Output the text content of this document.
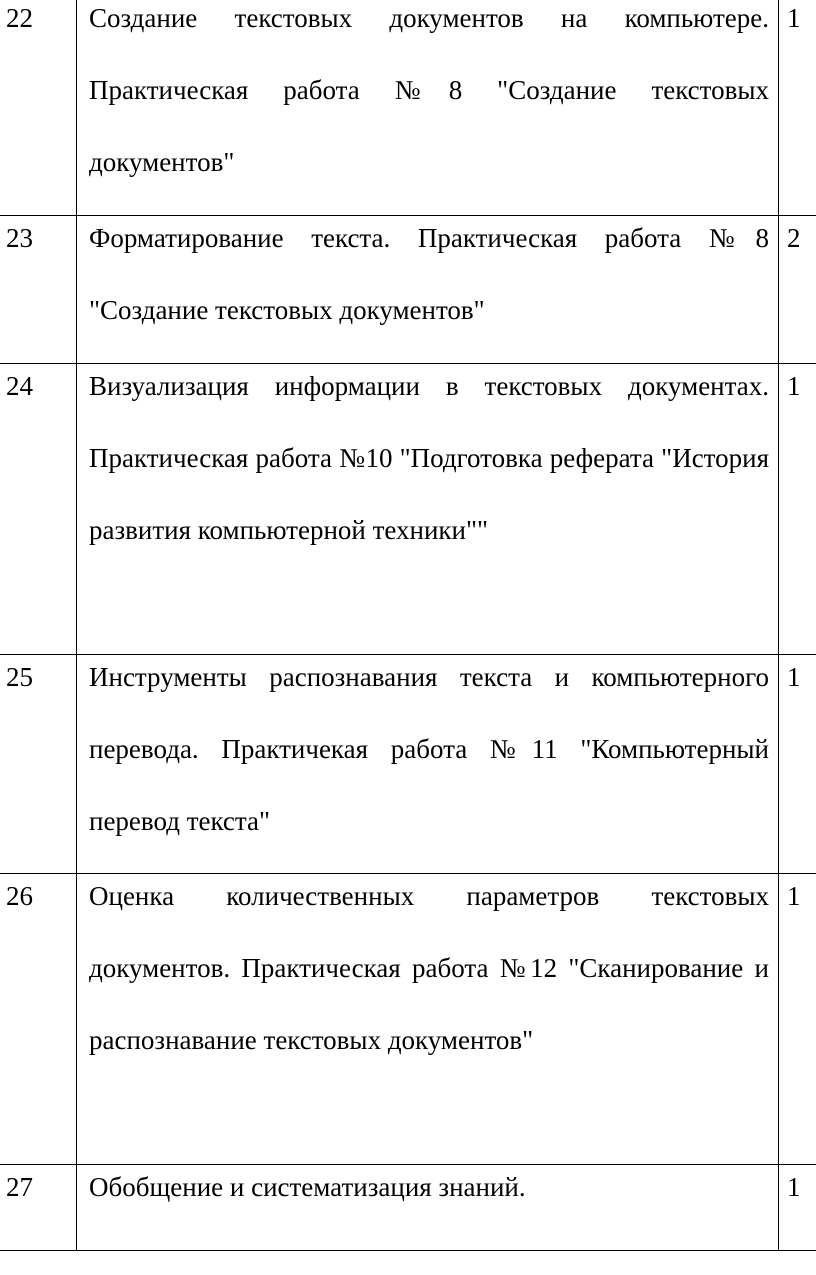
22	Создание текстовых документов на компьютере. Практическая работа №8 "Создание текстовых документов"	1
23	Форматирование текста. Практическая работа №8 "Создание текстовых документов"	2
24	Визуализация информации в текстовых документах. Практическая работа №10 "Подготовка реферата "История развития компьютерной техники""	1
25	Инструменты распознавания текста и компьютерного перевода. Практичекая работа №11 "Компьютерный перевод текста"	1
26	Оценка количественных параметров текстовых документов. Практическая работа №12 "Сканирование и распознавание текстовых документов"	1
27	Обобщение и систематизация знаний.	1
